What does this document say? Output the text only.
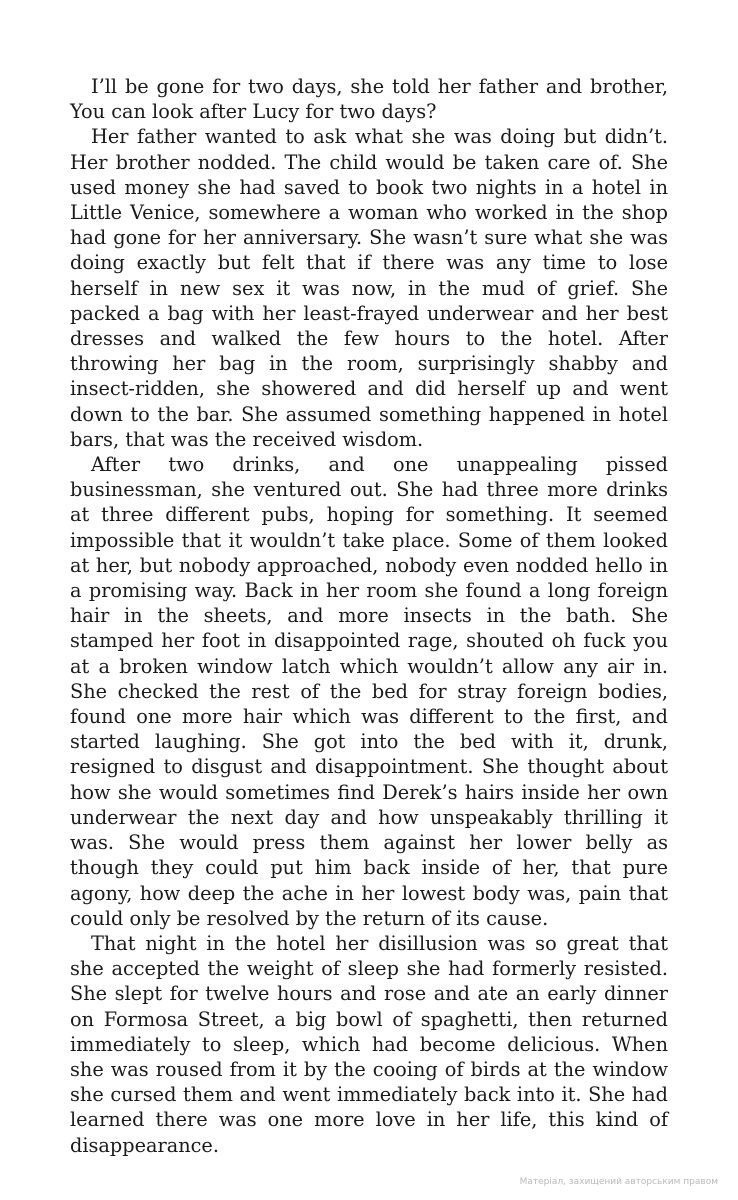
I’ll be gone for two days, she told her father and brother, You can look after Lucy for two days?

Her father wanted to ask what she was doing but didn’t. Her brother nodded. The child would be taken care of. She used money she had saved to book two nights in a hotel in Little Venice, somewhere a woman who worked in the shop had gone for her anniversary. She wasn’t sure what she was doing exactly but felt that if there was any time to lose herself in new sex it was now, in the mud of grief. She packed a bag with her least-frayed underwear and her best dresses and walked the few hours to the hotel. After throwing her bag in the room, surprisingly shabby and insect-ridden, she showered and did herself up and went down to the bar. She assumed something happened in hotel bars, that was the received wisdom.

After two drinks, and one unappealing pissed businessman, she ventured out. She had three more drinks at three different pubs, hoping for something. It seemed impossible that it wouldn’t take place. Some of them looked at her, but nobody approached, nobody even nodded hello in a promising way. Back in her room she found a long foreign hair in the sheets, and more insects in the bath. She stamped her foot in disappointed rage, shouted oh fuck you at a broken window latch which wouldn’t allow any air in. She checked the rest of the bed for stray foreign bodies, found one more hair which was different to the first, and started laughing. She got into the bed with it, drunk, resigned to disgust and disappointment. She thought about how she would sometimes find Derek’s hairs inside her own underwear the next day and how unspeakably thrilling it was. She would press them against her lower belly as though they could put him back inside of her, that pure agony, how deep the ache in her lowest body was, pain that could only be resolved by the return of its cause.

That night in the hotel her disillusion was so great that she accepted the weight of sleep she had formerly resisted. She slept for twelve hours and rose and ate an early dinner on Formosa Street, a big bowl of spaghetti, then returned immediately to sleep, which had become delicious. When she was roused from it by the cooing of birds at the window she cursed them and went immediately back into it. She had learned there was one more love in her life, this kind of disappearance.

Матеріал, захищений авторським правом
